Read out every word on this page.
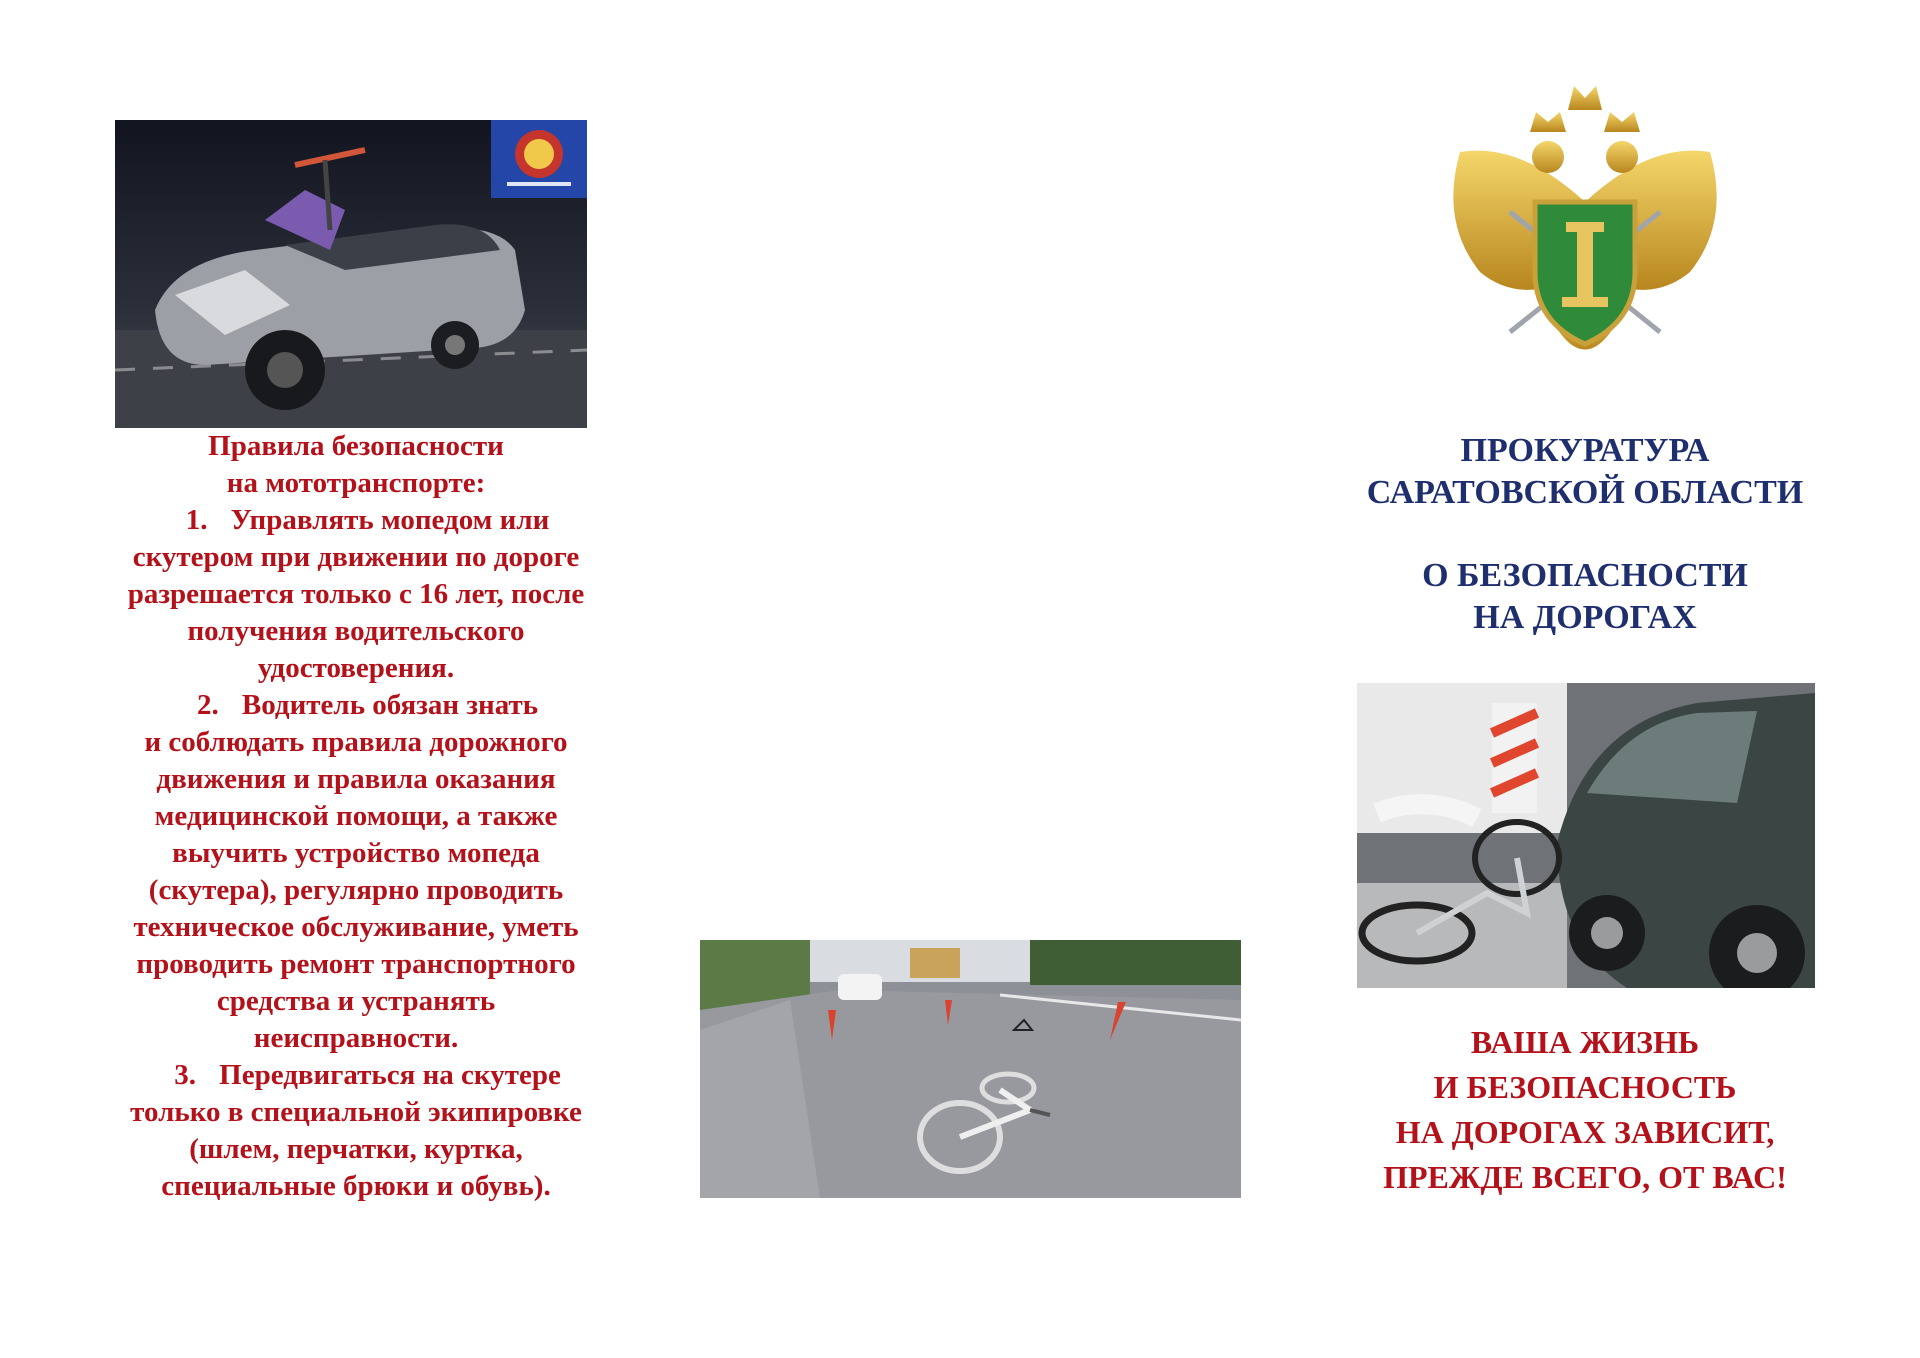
Правила безопасности
на мототранспорте:

1. Управлять мопедом или
скутером при движении по дороге
разрешается только с 16 лет, после
получения водительского
удостоверения.

2. Водитель обязан знать
и соблюдать правила дорожного
движения и правила оказания
медицинской помощи, а также
выучить устройство мопеда
(скутера), регулярно проводить
техническое обслуживание, уметь
проводить ремонт транспортного
средства и устранять
неисправности.

3. Передвигаться на скутере
только в специальной экипировке
(шлем, перчатки, куртка,
специальные брюки и обувь).

ПРОКУРАТУРА
САРАТОВСКОЙ ОБЛАСТИ
О БЕЗОПАСНОСТИ
НА ДОРОГАХ

ВАША ЖИЗНЬ
И БЕЗОПАСНОСТЬ
НА ДОРОГАХ ЗАВИСИТ,
ПРЕЖДЕ ВСЕГО, ОТ ВАС!
